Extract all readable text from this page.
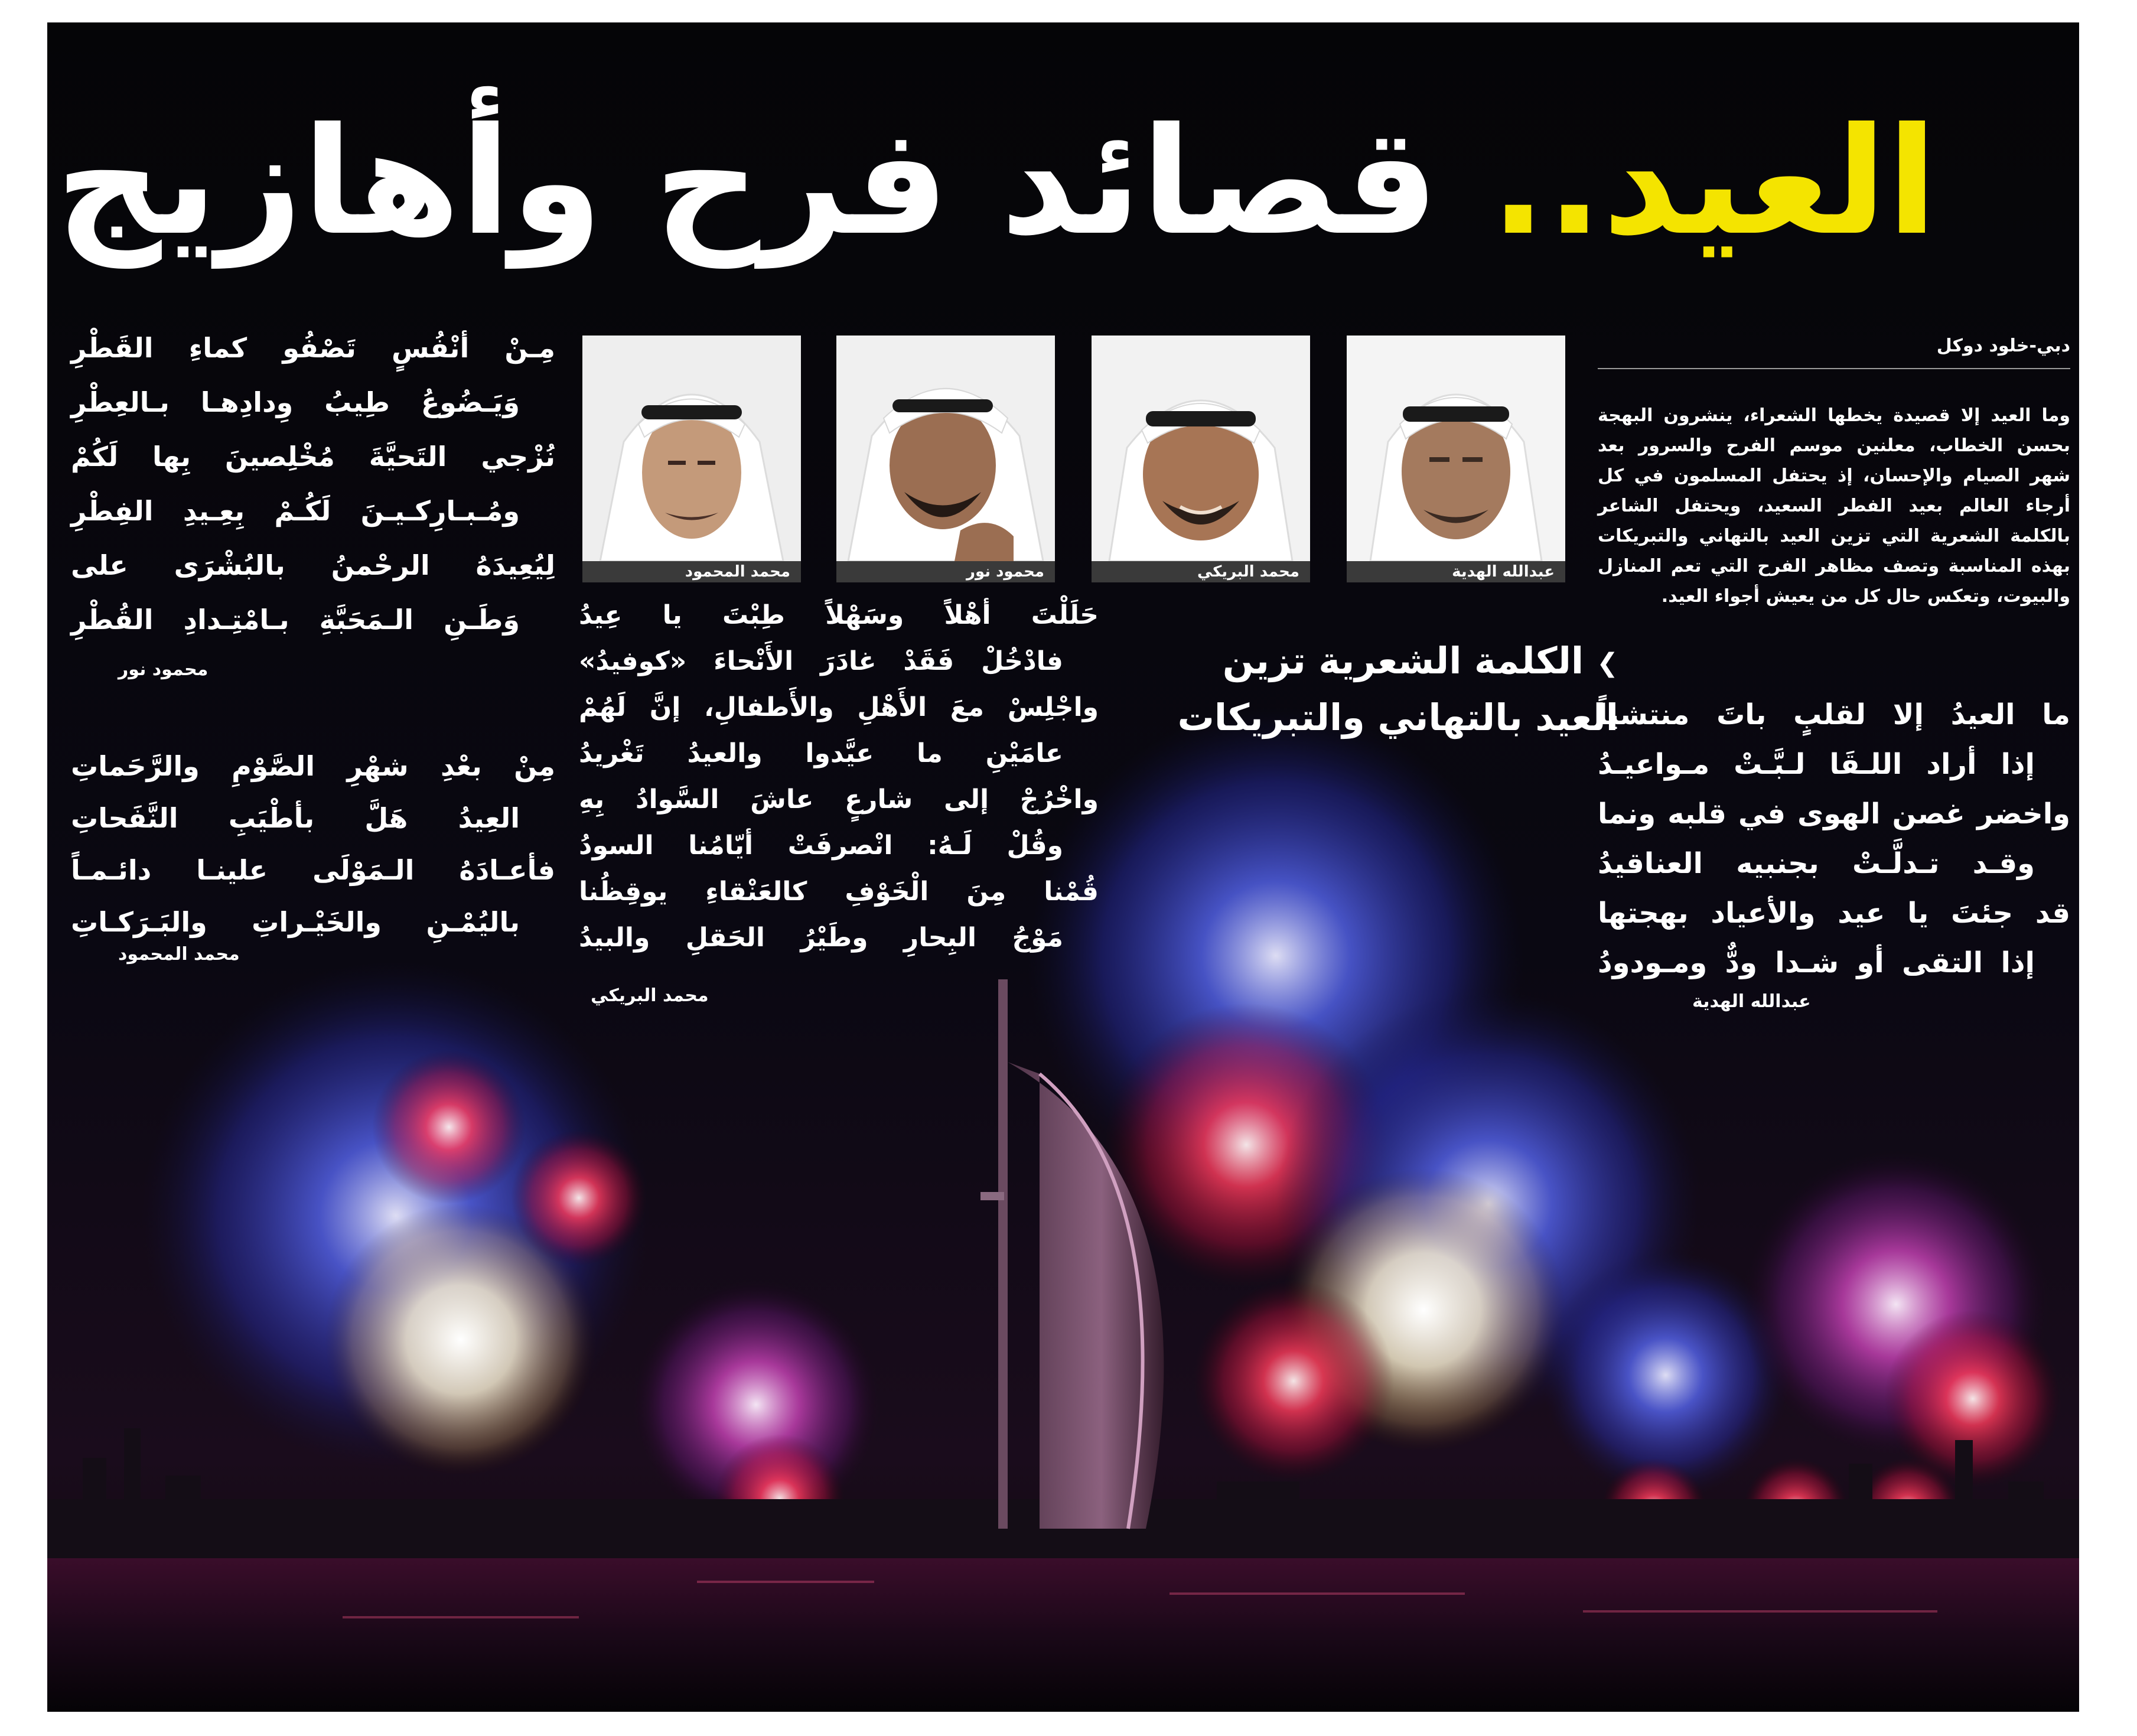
العيد.. قصائد فرح وأهازيج
دبي-خلود دوكل
وما العيد إلا قصيدة يخطها الشعراء، ينشرون البهجة بحسن الخطاب، معلنين موسم الفرح والسرور بعد شهر الصيام والإحسان، إذ يحتفل المسلمون في كل أرجاء العالم بعيد الفطر السعيد، ويحتفل الشاعر بالكلمة الشعرية التي تزين العيد بالتهاني والتبريكات بهذه المناسبة وتصف مظاهر الفرح التي تعم المنازل والبيوت، وتعكس حال كل من يعيش أجواء العيد.
ما العيدُ إلا لقلبٍ باتَ منتشياً
إذا أراد اللـقَا لـبَّـتْ مـواعيـدُ
واخضر غصن الهوى في قلبه ونما
وقـد تـدلَّـتْ بجنبيه العناقيدُ
قد جئتَ يا عيد والأعياد بهجتها
إذا التقى أو شـدا ودٌّ ومـودودُ
عبدالله الهدية
❯الكلمة الشعرية تزين
العيد بالتهاني والتبريكات
عبدالله الهدية
محمد البريكي
محمود نور
محمد المحمود
حَلَلْتَ أهْلاً وسَهْلاً طِبْتَ يا عِيدُ
فادْخُلْ فَقَدْ غادَرَ الأَنْحاءَ «كوفيدُ»
واجْلِسْ معَ الأَهْلِ والأَطفالِ، إنَّ لَهُمْ
عامَيْنِ ما عيَّدوا والعيدُ تَغْريدُ
واخْرُجْ إلى شارعٍ عاشَ السَّوادُ بِهِ
وقُلْ لَـهُ: انْصرفَتْ أيّامُنا السودُ
قُمْنا مِنَ الْخَوْفِ كالعَنْقاءِ يوقِظُنا
مَوْجُ البِحارِ وطَيْرُ الحَقلِ والبيدُ
محمد البريكي
مِـنْ أنْفُسٍ تَصْفُو كماءِ القَطْرِ
وَيَـضُوعُ طِيبُ وِدادِهـا بـالعِطْرِ
نُزْجي التَحيَّةَ مُخْلِصينَ بِها لَكُمْ
ومُـبـارِكـيـنَ لَكُـمْ بِعِـيدِ الفِطْرِ
لِيُعِيدَهُ الرحْمنُ بالبُشْرَى على
وَطَـنِ الـمَحَبَّةِ بـامْتِـدادِ القُطْرِ
محمود نور
مِنْ بعْدِ شهْرِ الصَّوْمِ والرَّحَماتِ
العِيدُ هَلَّ بأطْيَبِ النَّفَحاتِ
فأعـادَهُ الـمَوْلَى علينـا دائـمـاً
باليُمْـنِ والخَيْـراتِ والبَـرَكـاتِ
محمد المحمود
